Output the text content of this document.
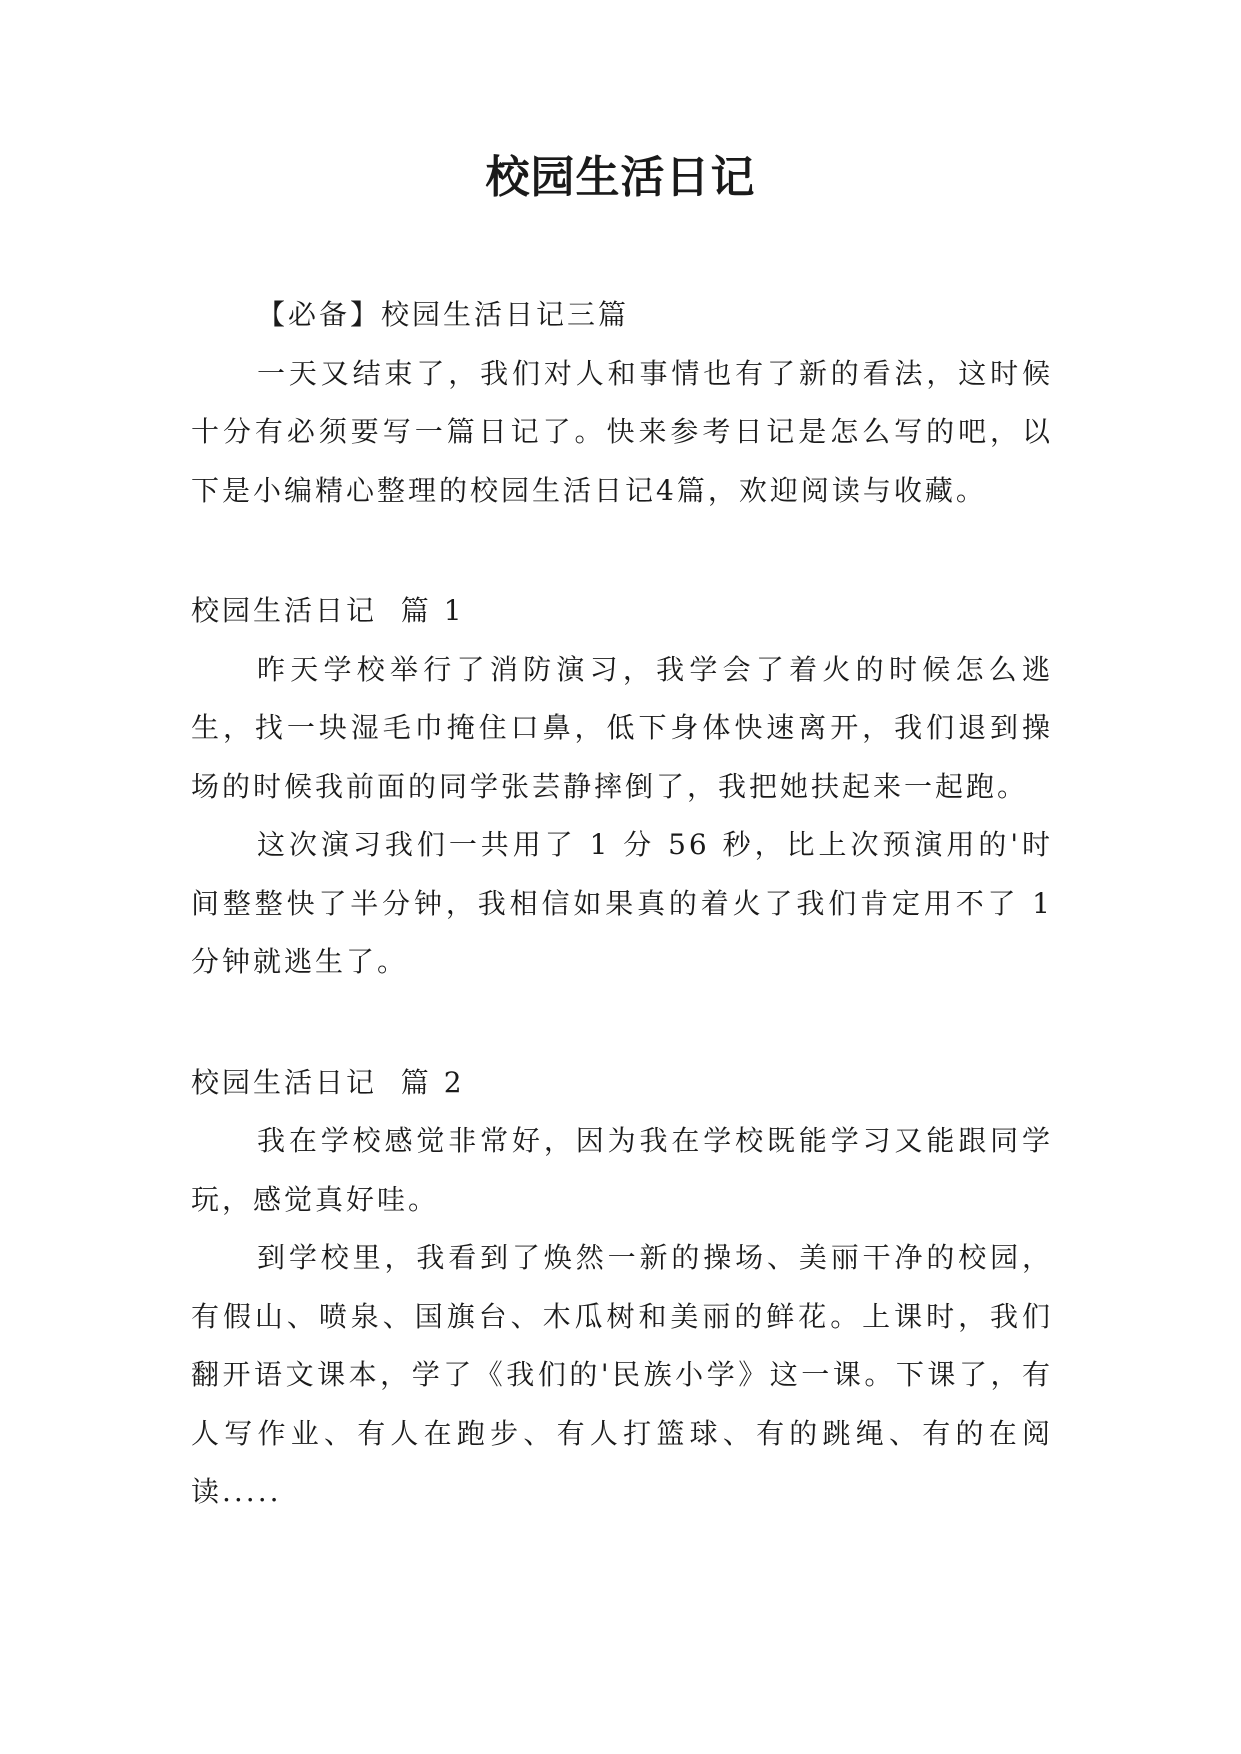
校园生活日记

【必备】校园生活日记三篇

一天又结束了，我们对人和事情也有了新的看法，这时候十分有必须要写一篇日记了。快来参考日记是怎么写的吧，以下是小编精心整理的校园生活日记4篇，欢迎阅读与收藏。

校园生活日记  篇 1

昨天学校举行了消防演习，我学会了着火的时候怎么逃生，找一块湿毛巾掩住口鼻，低下身体快速离开，我们退到操场的时候我前面的同学张芸静摔倒了，我把她扶起来一起跑。

这次演习我们一共用了 1 分 56 秒，比上次预演用的'时间整整快了半分钟，我相信如果真的着火了我们肯定用不了 1 分钟就逃生了。

校园生活日记  篇 2

我在学校感觉非常好，因为我在学校既能学习又能跟同学玩，感觉真好哇。

到学校里，我看到了焕然一新的操场、美丽干净的校园，有假山、喷泉、国旗台、木瓜树和美丽的鲜花。上课时，我们翻开语文课本，学了《我们的'民族小学》这一课。下课了，有人写作业、有人在跑步、有人打篮球、有的跳绳、有的在阅读.....
